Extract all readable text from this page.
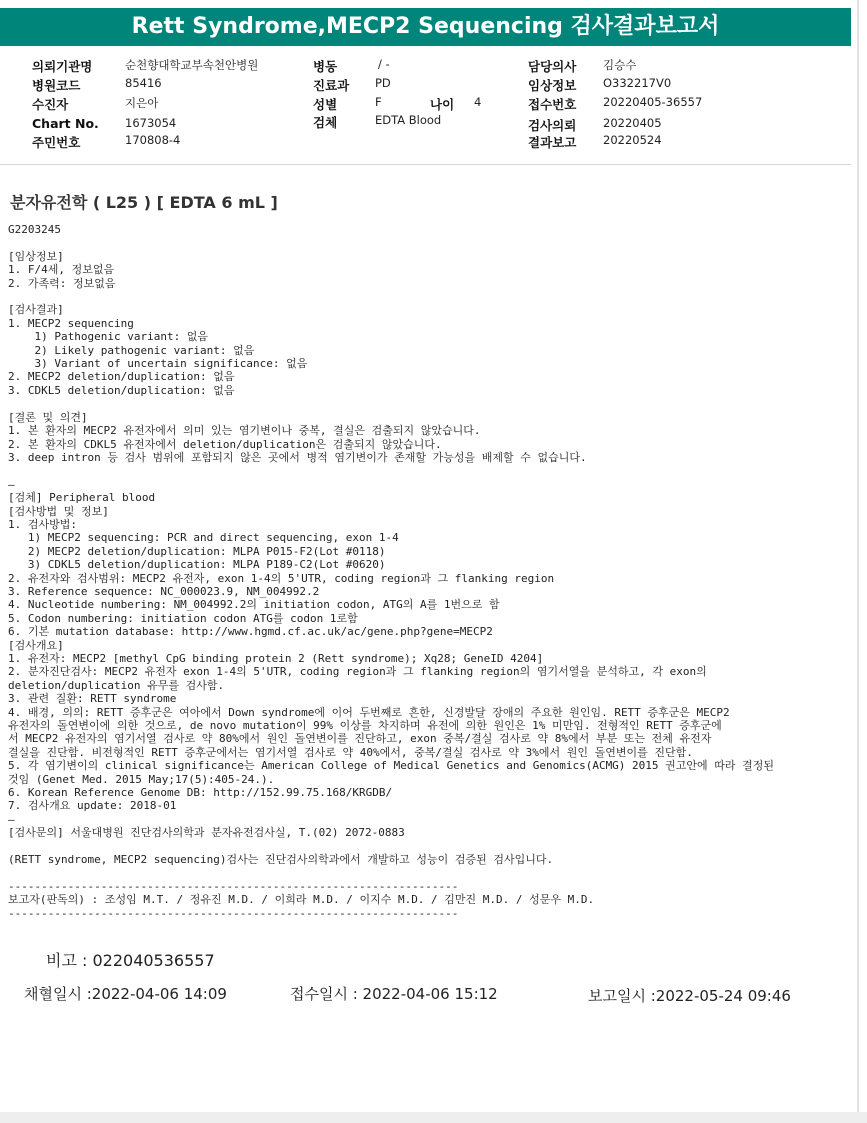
Rett Syndrome,MECP2 Sequencing 검사결과보고서
의뢰기관명	순천향대학교부속천안병원
병원코드	85416
수진자	지은아
Chart No. 1673054
주민번호	170808-4
병동	/ -
진료과 PD
성별	F	나이 4
검체	EDTA Blood
담당의사 김승수
임상정보 O332217V0
접수번호 20220405-36557
검사의뢰 20220405
결과보고 20220524
분자유전학 ( L25 ) [ EDTA 6 mL ]
G2203245

[임상정보]
1. F/4세, 정보없음
2. 가족력: 정보없음

[검사결과]
1. MECP2 sequencing
1) Pathogenic variant: 없음
2) Likely pathogenic variant: 없음
3) Variant of uncertain significance: 없음
2. MECP2 deletion/duplication: 없음
3. CDKL5 deletion/duplication: 없음

[결론 및 의견]
1. 본 환자의 MECP2 유전자에서 의미 있는 염기변이나 중복, 결실은 검출되지 않았습니다.
2. 본 환자의 CDKL5 유전자에서 deletion/duplication은 검출되지 않았습니다.
3. deep intron 등 검사 범위에 포함되지 않은 곳에서 병적 염기변이가 존재할 가능성을 배제할 수 없습니다.

—
[검체] Peripheral blood
[검사방법 및 정보]
1. 검사방법:
1) MECP2 sequencing: PCR and direct sequencing, exon 1-4
2) MECP2 deletion/duplication: MLPA P015-F2(Lot #0118)
3) CDKL5 deletion/duplication: MLPA P189-C2(Lot #0620)
2. 유전자와 검사범위: MECP2 유전자, exon 1-4의 5'UTR, coding region과 그 flanking region
3. Reference sequence: NC_000023.9, NM_004992.2
4. Nucleotide numbering: NM_004992.2의 initiation codon, ATG의 A를 1번으로 함
5. Codon numbering: initiation codon ATG를 codon 1로함
6. 기본 mutation database: http://www.hgmd.cf.ac.uk/ac/gene.php?gene=MECP2
[검사개요]
1. 유전자: MECP2 [methyl CpG binding protein 2 (Rett syndrome); Xq28; GeneID 4204]
2. 분자진단검사: MECP2 유전자 exon 1-4의 5'UTR, coding region과 그 flanking region의 염기서열을 분석하고, 각 exon의
deletion/duplication 유무를 검사함.
3. 관련 질환: RETT syndrome
4. 배경, 의의: RETT 증후군은 여아에서 Down syndrome에 이어 두번째로 흔한, 신경발달 장애의 주요한 원인임. RETT 증후군은 MECP2
유전자의 돌연변이에 의한 것으로, de novo mutation이 99% 이상를 차지하며 유전에 의한 원인은 1% 미만임. 전형적인 RETT 증후군에
서 MECP2 유전자의 염기서열 검사로 약 80%에서 원인 돌연변이를 진단하고, exon 중복/결실 검사로 약 8%에서 부분 또는 전체 유전자
결실을 진단함. 비전형적인 RETT 증후군에서는 염기서열 검사로 약 40%에서, 중복/결실 검사로 약 3%에서 원인 돌연변이를 진단함.
5. 각 염기변이의 clinical significance는 American College of Medical Genetics and Genomics(ACMG) 2015 권고안에 따라 결정된
것임 (Genet Med. 2015 May;17(5):405-24.).
6. Korean Reference Genome DB: http://152.99.75.168/KRGDB/
7. 검사개요 update: 2018-01
—
[검사문의] 서울대병원 진단검사의학과 분자유전검사실, T.(02) 2072-0883

(RETT syndrome, MECP2 sequencing)검사는 진단검사의학과에서 개발하고 성능이 검증된 검사입니다.

--------------------------------------------------------------------
보고자(판독의) : 조성임 M.T. / 정유진 M.D. / 이희라 M.D. / 이지수 M.D. / 김만진 M.D. / 성문우 M.D.
--------------------------------------------------------------------
비고 : 022040536557
채혈일시 :2022-04-06 14:09	접수일시 : 2022-04-06 15:12	보고일시 :2022-05-24 09:46
